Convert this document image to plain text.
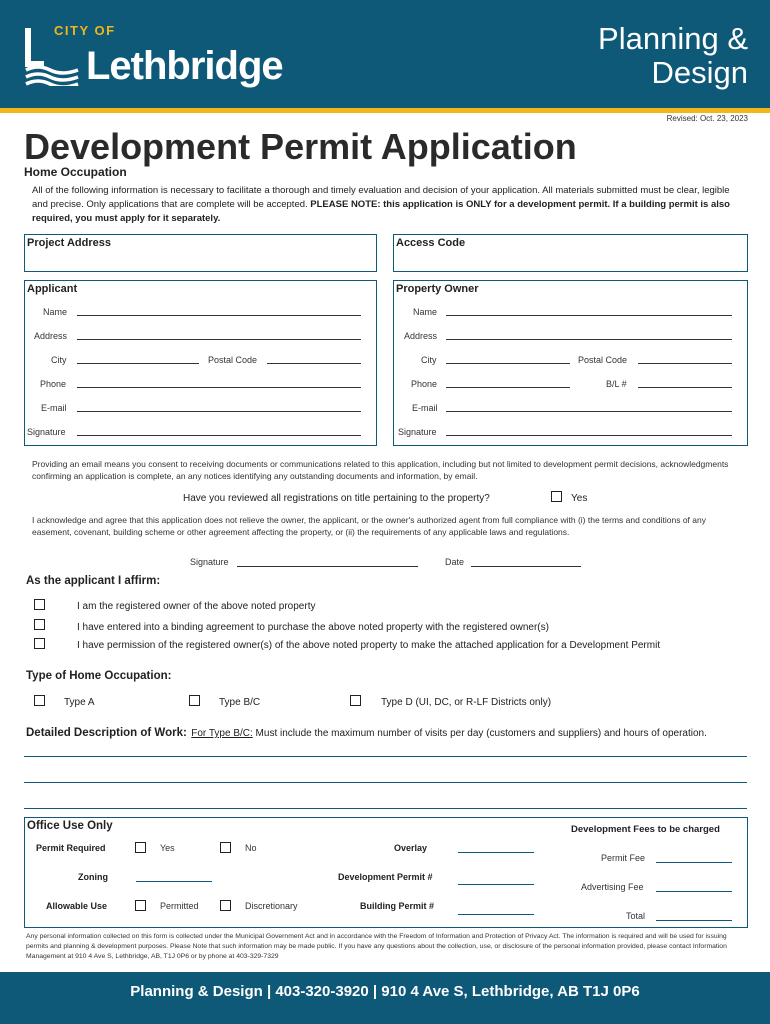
CITY OF
Lethbridge
Planning &
Design
Revised: Oct. 23, 2023
Development Permit Application
Home Occupation
All of the following information is necessary to facilitate a thorough and timely evaluation and decision of your application. All materials submitted must be clear, legible and precise. Only applications that are complete will be accepted. PLEASE NOTE: this application is ONLY for a development permit. If a building permit is also required, you must apply for it separately.
Project Address	Access Code
Applicant
Name
Address
City	Postal Code
Phone
E-mail
Signature
Property Owner
Name
Address
City	Postal Code
Phone	B/L #
E-mail
Signature
Providing an email means you consent to receiving documents or communications related to this application, including but not limited to development permit decisions, acknowledgments confirming an application is complete, an any notices identifying any outstanding documents and information, by email.
Have you reviewed all registrations on title pertaining to the property?	Yes
I acknowledge and agree that this application does not relieve the owner, the applicant, or the owner's authorized agent from full compliance with (i) the terms and conditions of any easement, covenant, building scheme or other agreement affecting the property, or (ii) the requirements of any applicable laws and regulations.
Signature	Date
As the applicant I affirm:
I am the registered owner of the above noted property
I have entered into a binding agreement to purchase the above noted property with the registered owner(s)
I have permission of the registered owner(s) of the above noted property to make the attached application for a Development Permit
Type of Home Occupation:
Type A	Type B/C	Type D (UI, DC, or R-LF Districts only)
Detailed Description of Work: For Type B/C: Must include the maximum number of visits per day (customers and suppliers) and hours of operation.
Office Use Only
Permit Required	Yes	No	Overlay
Zoning	Development Permit #
Allowable Use	Permitted	Discretionary	Building Permit #
Development Fees to be charged
Permit Fee
Advertising Fee
Total
Any personal information collected on this form is collected under the Municipal Government Act and in accordance with the Freedom of Information and Protection of Privacy Act. The information is required and will be used for issuing permits and planning & development purposes. Please Note that such information may be made public. If you have any questions about the collection, use, or disclosure of the personal information provided, please contact Information Management at 910 4 Ave S, Lethbridge, AB, T1J 0P6 or by phone at 403-329-7329
Planning & Design | 403-320-3920 | 910 4 Ave S, Lethbridge, AB T1J 0P6
